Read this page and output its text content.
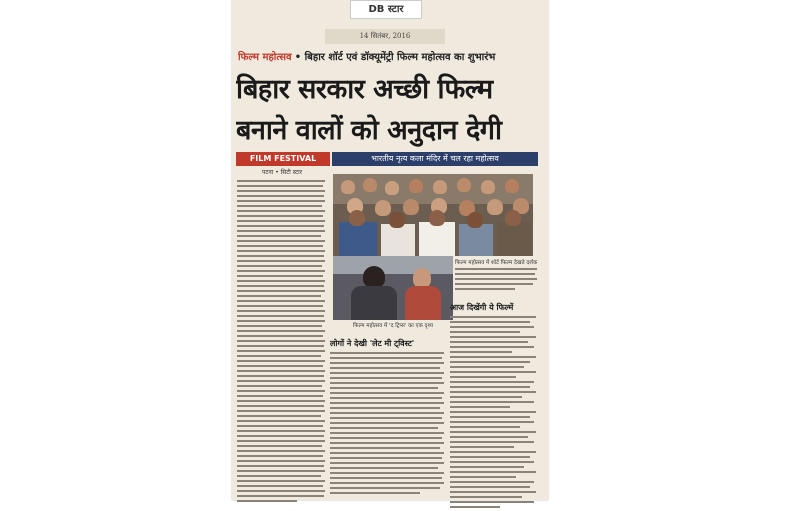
DB स्टार
14 सितंबर, 2016
फिल्म महोत्सव • बिहार शॉर्ट एवं डॉक्यूमेंट्री फिल्म महोत्सव का शुभारंभ
बिहार सरकार अच्छी फिल्म
बनाने वालों को अनुदान देगी
FILM FESTIVAL	भारतीय नृत्य कला मंदिर में चल रहा महोत्सव
पटना • सिटी स्टार
फिल्म महोत्सव में 'द ट्रिप्स' का एक दृश्य
फिल्म महोत्सव में शॉर्ट फिल्म देखते दर्शक
आज दिखेंगी ये फिल्में
लोगों ने देखी 'लेट मी ट्विस्ट'
